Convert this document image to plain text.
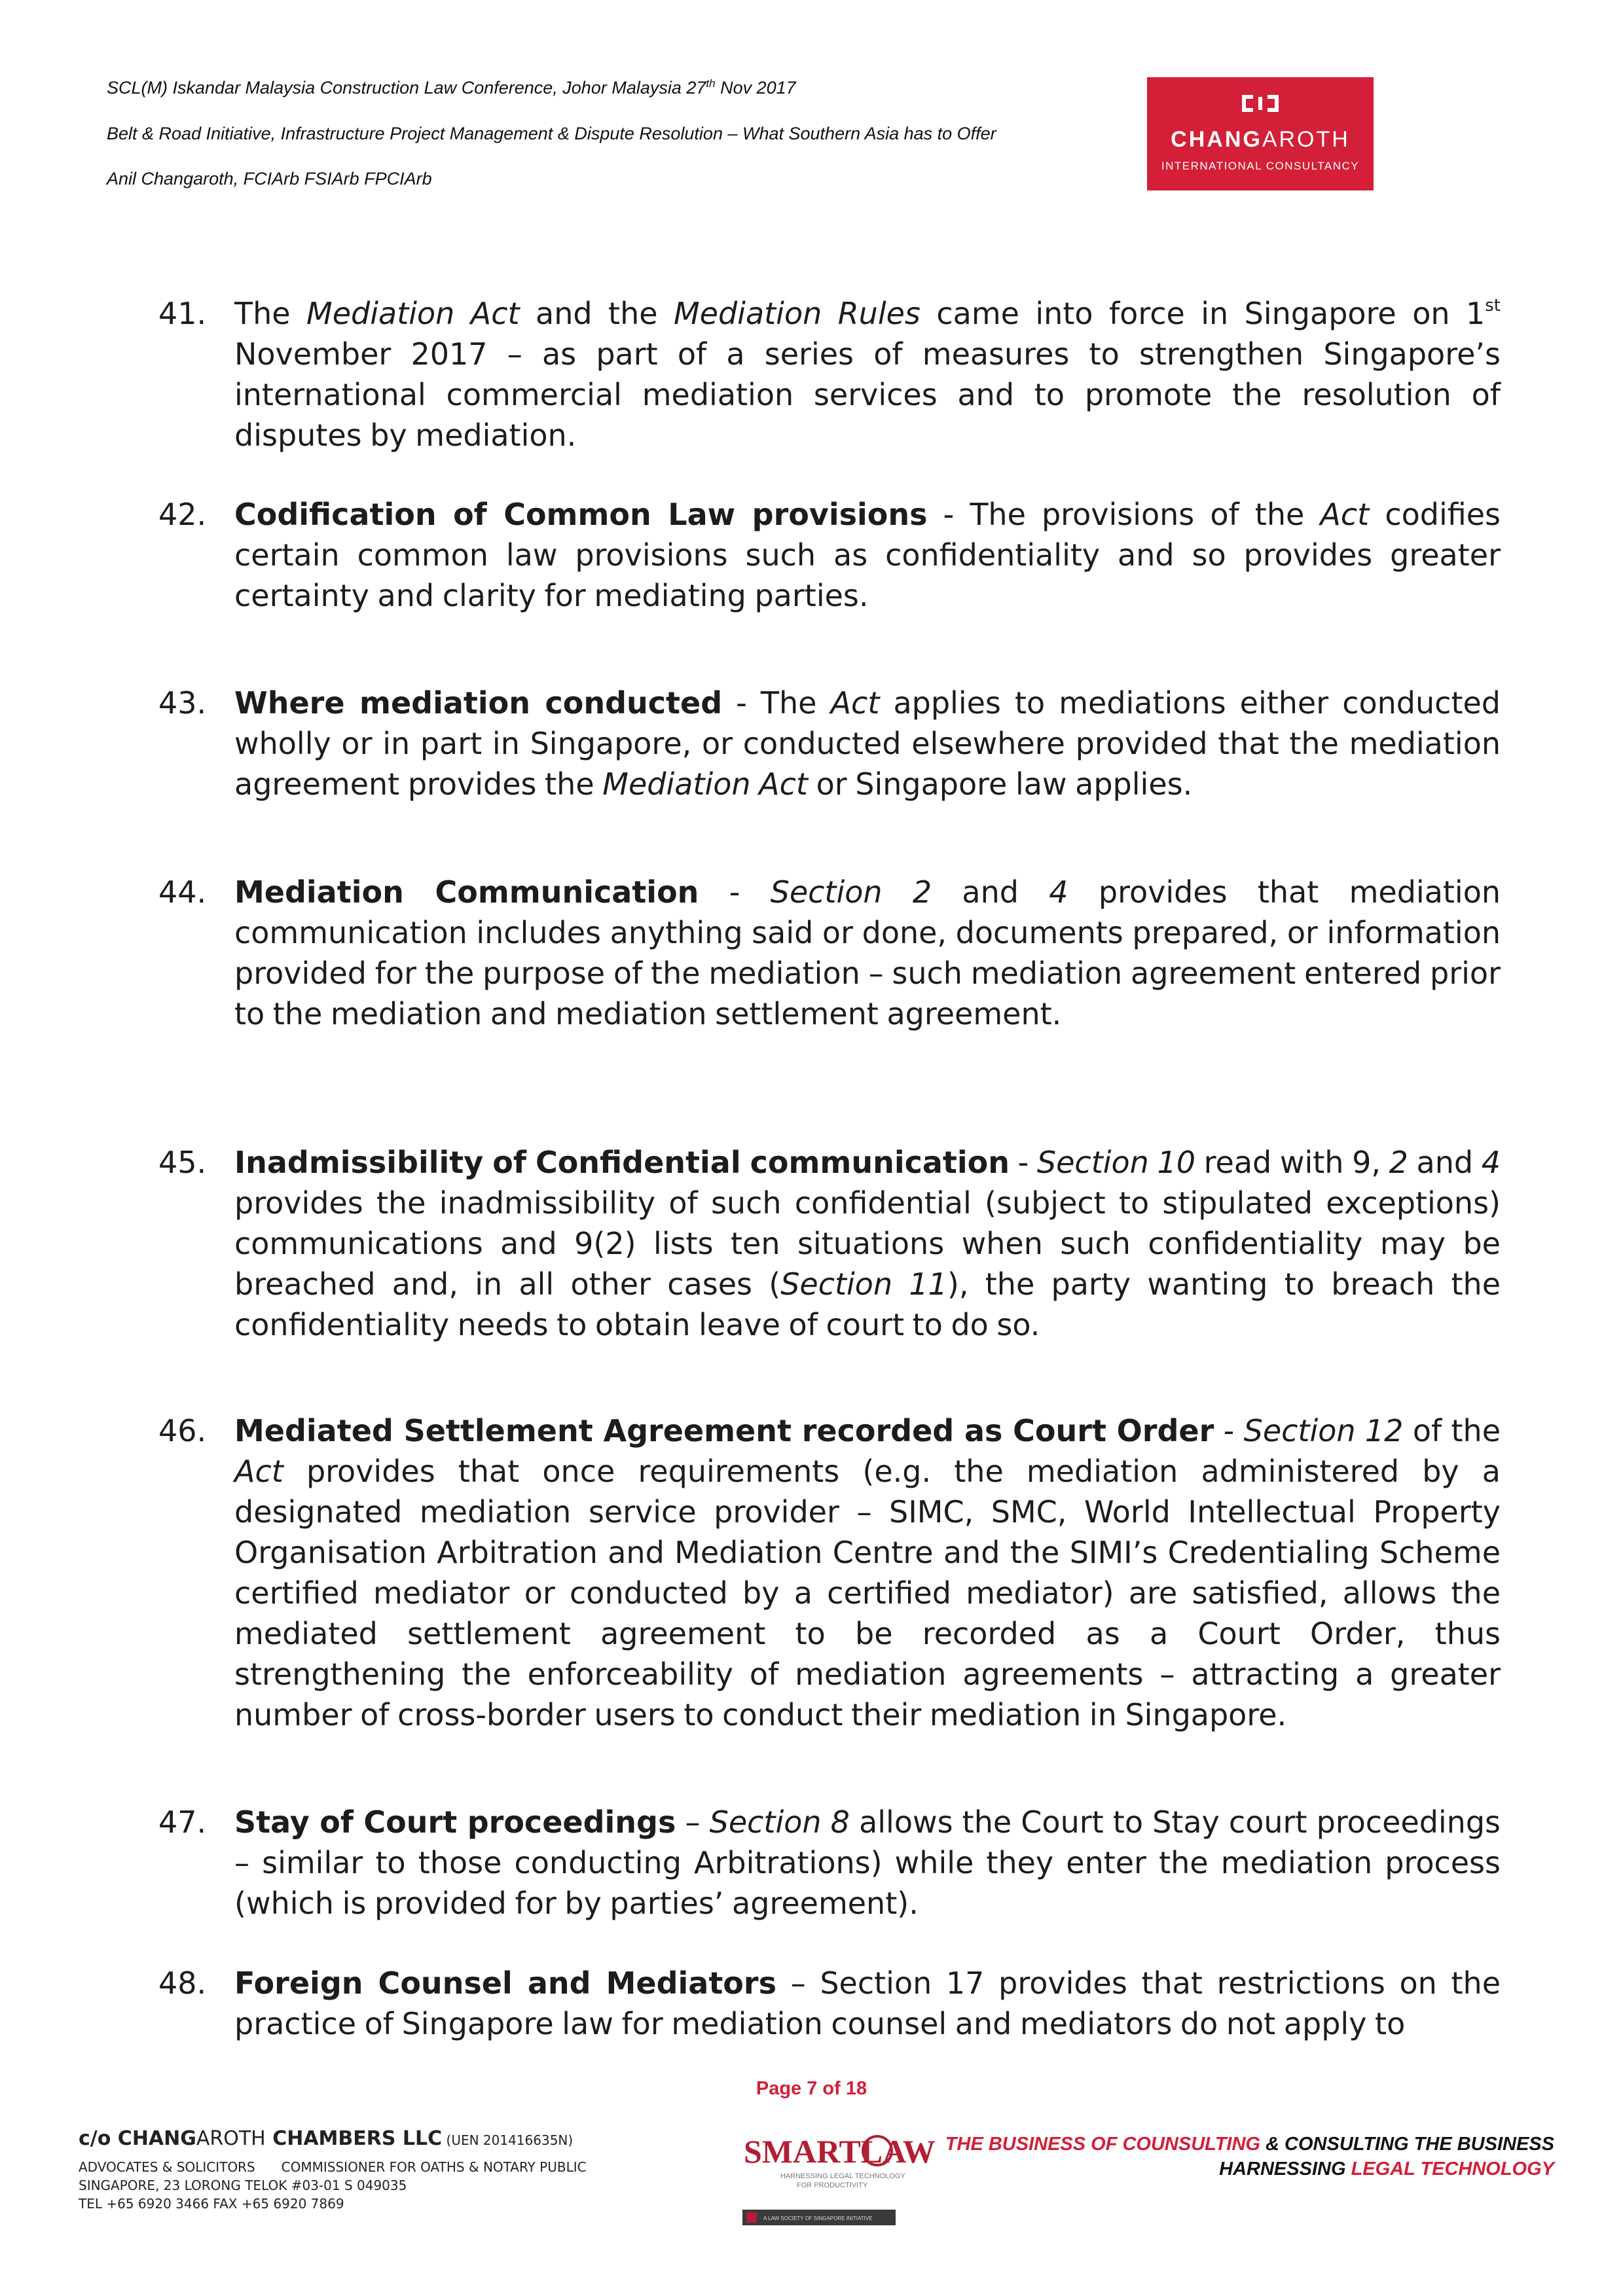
SCL(M) Iskandar Malaysia Construction Law Conference, Johor Malaysia 27th Nov 2017
Belt & Road Initiative, Infrastructure Project Management & Dispute Resolution – What Southern Asia has to Offer
Anil Changaroth, FCIArb FSIArb FPCIArb
CHANGAROTH
INTERNATIONAL CONSULTANCY
41. The Mediation Act and the Mediation Rules came into force in Singapore on 1st November 2017 – as part of a series of measures to strengthen Singapore’s international commercial mediation services and to promote the resolution of disputes by mediation.
42. Codification of Common Law provisions - The provisions of the Act codifies certain common law provisions such as confidentiality and so provides greater certainty and clarity for mediating parties.
43. Where mediation conducted - The Act applies to mediations either conducted wholly or in part in Singapore, or conducted elsewhere provided that the mediation agreement provides the Mediation Act or Singapore law applies.
44. Mediation Communication - Section 2 and 4 provides that mediation communication includes anything said or done, documents prepared, or information provided for the purpose of the mediation – such mediation agreement entered prior to the mediation and mediation settlement agreement.
45. Inadmissibility of Confidential communication - Section 10 read with 9, 2 and 4 provides the inadmissibility of such confidential (subject to stipulated exceptions) communications and 9(2) lists ten situations when such confidentiality may be breached and, in all other cases (Section 11), the party wanting to breach the confidentiality needs to obtain leave of court to do so.
46. Mediated Settlement Agreement recorded as Court Order - Section 12 of the Act provides that once requirements (e.g. the mediation administered by a designated mediation service provider – SIMC, SMC, World Intellectual Property Organisation Arbitration and Mediation Centre and the SIMI’s Credentialing Scheme certified mediator or conducted by a certified mediator) are satisfied, allows the mediated settlement agreement to be recorded as a Court Order, thus strengthening the enforceability of mediation agreements – attracting a greater number of cross-border users to conduct their mediation in Singapore.
47. Stay of Court proceedings – Section 8 allows the Court to Stay court proceedings – similar to those conducting Arbitrations) while they enter the mediation process (which is provided for by parties’ agreement).
48. Foreign Counsel and Mediators – Section 17 provides that restrictions on the practice of Singapore law for mediation counsel and mediators do not apply to
Page 7 of 18
c/o CHANGAROTH CHAMBERS LLC (UEN 201416635N)
ADVOCATES & SOLICITORS COMMISSIONER FOR OATHS & NOTARY PUBLIC
SINGAPORE, 23 LORONG TELOK #03-01 S 049035
TEL +65 6920 3466 FAX +65 6920 7869
SMARTLAW
HARNESSING LEGAL TECHNOLOGY
FOR PRODUCTIVITY
A LAW SOCIETY OF SINGAPORE INITIATIVE
THE BUSINESS OF COUNSULTING & CONSULTING THE BUSINESS
HARNESSING LEGAL TECHNOLOGY
